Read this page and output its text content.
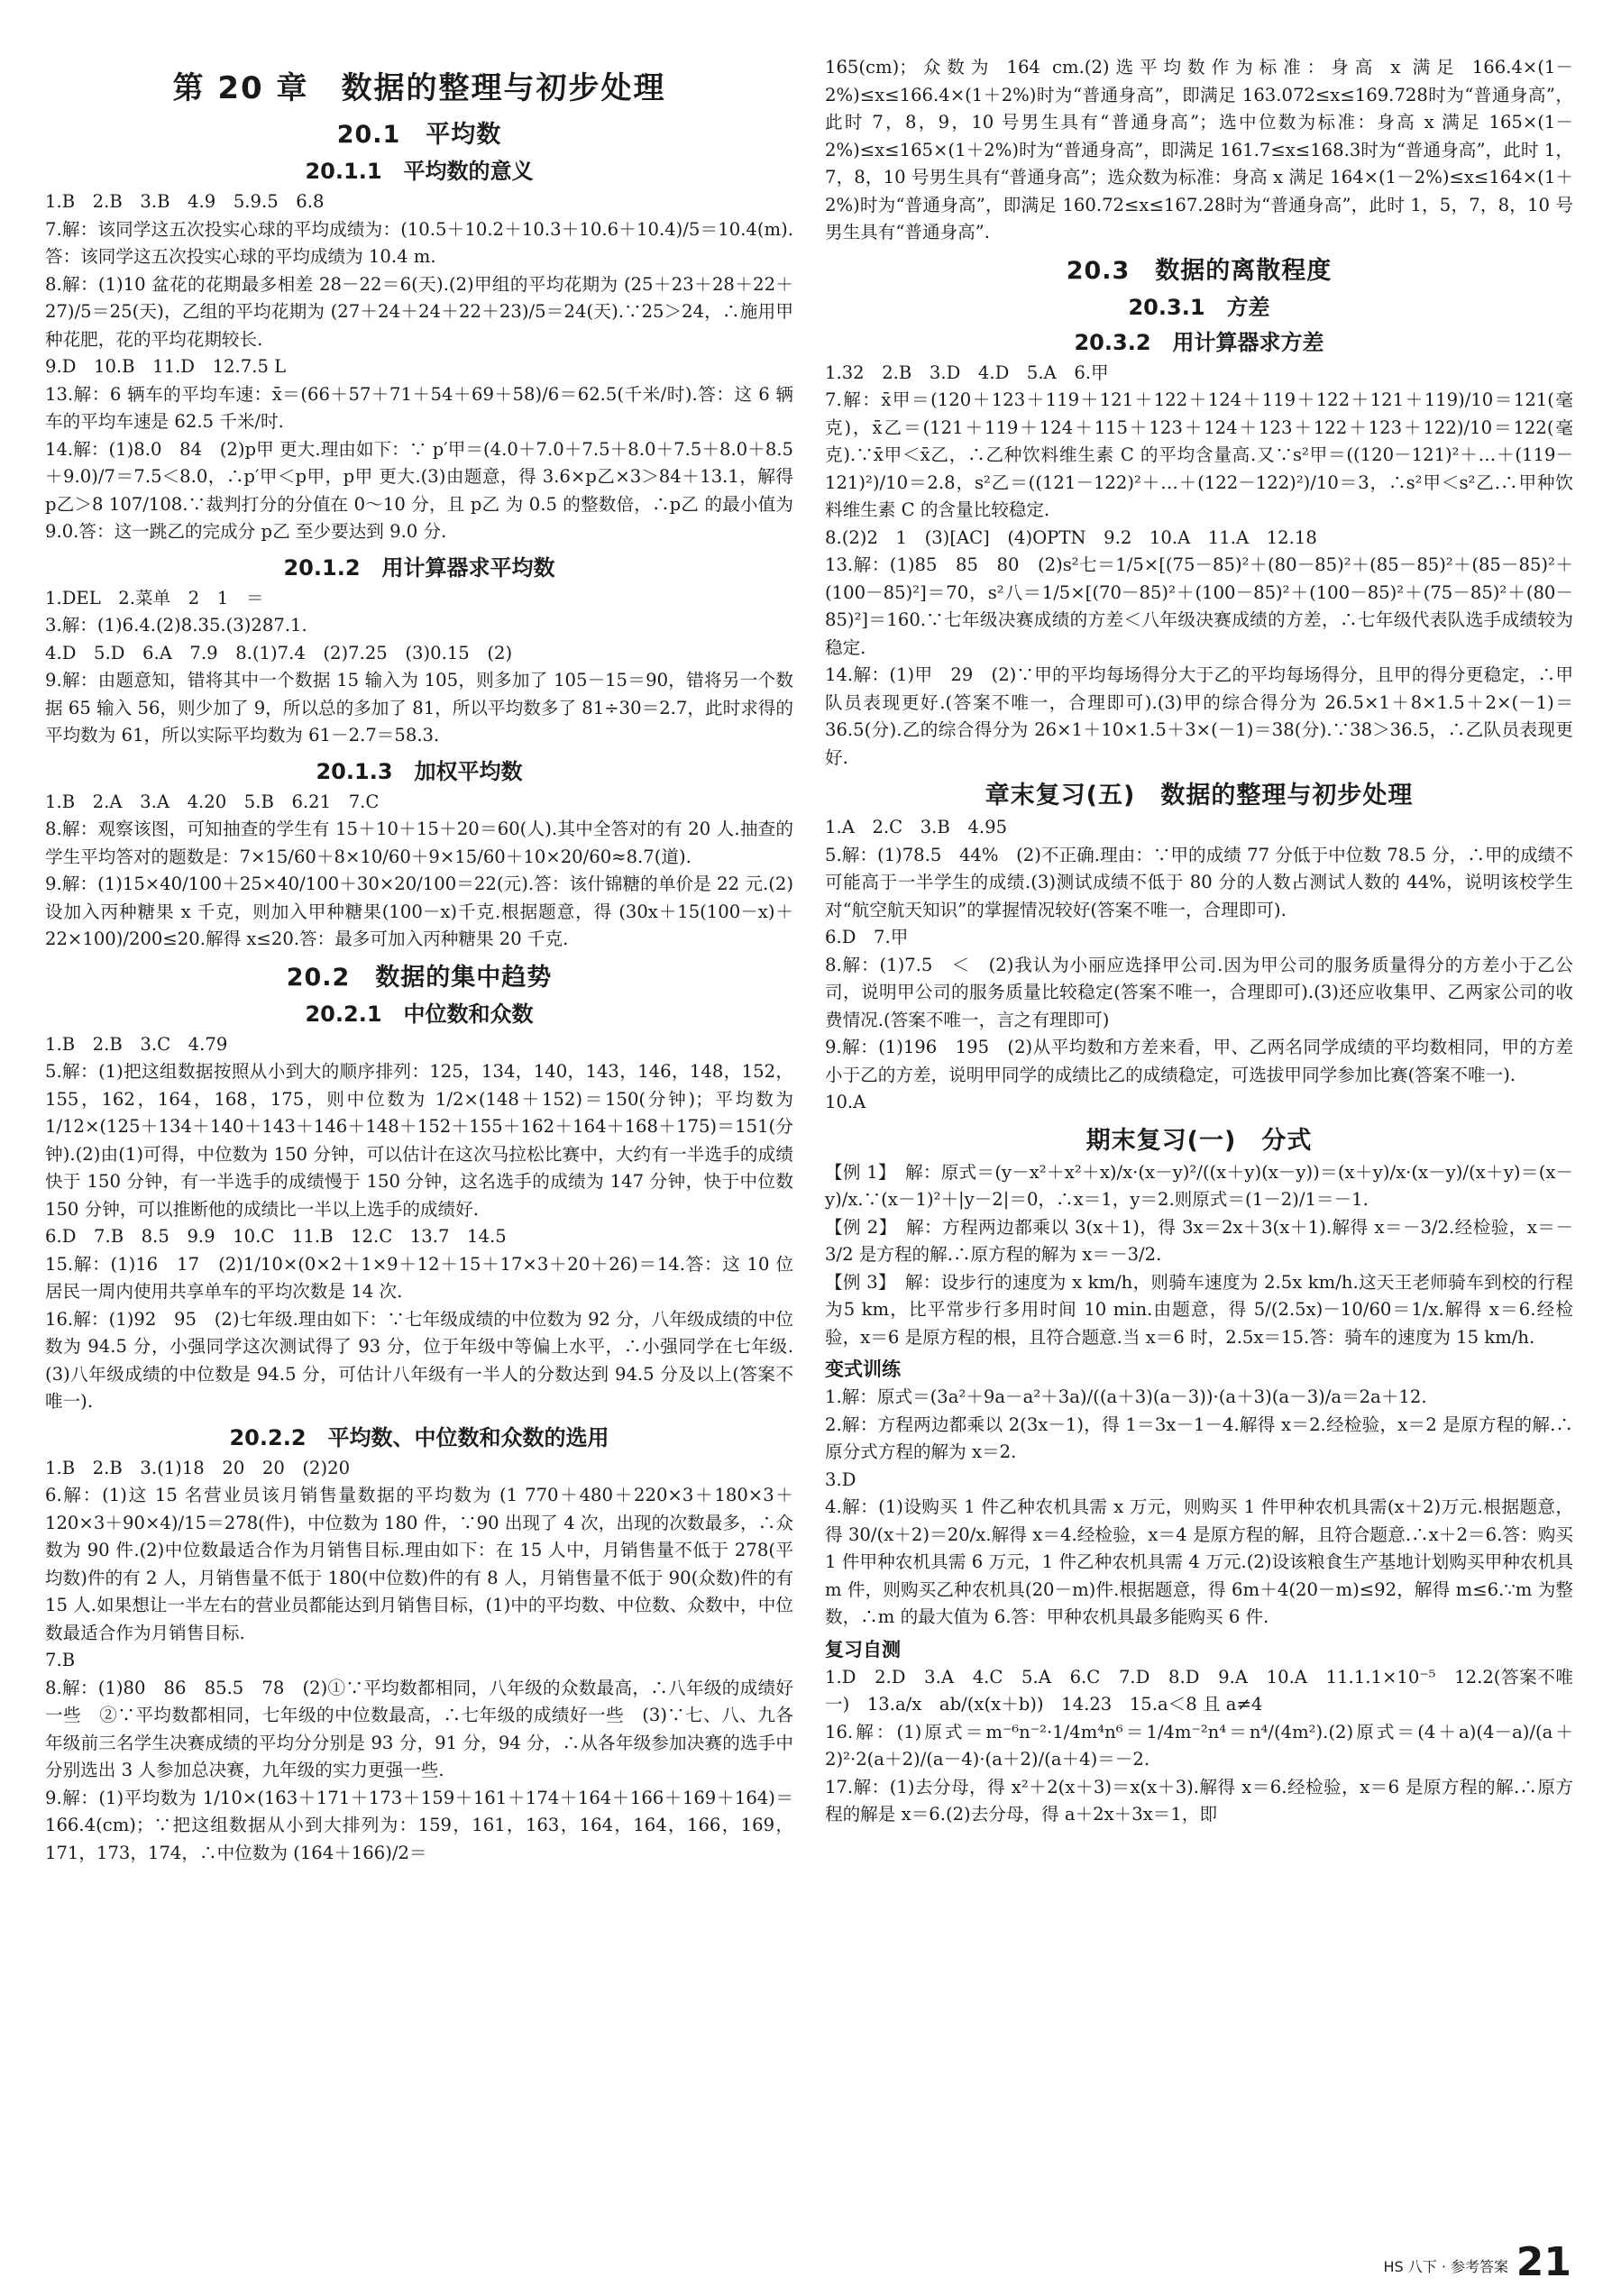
第 20 章　数据的整理与初步处理
20.1　平均数
20.1.1　平均数的意义

1.B　2.B　3.B　4.9　5.9.5　6.8

7.解：该同学这五次投实心球的平均成绩为：(10.5＋10.2＋10.3＋10.6＋10.4)/5＝10.4(m).答：该同学这五次投实心球的平均成绩为 10.4 m.

8.解：(1)10 盆花的花期最多相差 28－22＝6(天).(2)甲组的平均花期为 (25＋23＋28＋22＋27)/5＝25(天)，乙组的平均花期为 (27＋24＋24＋22＋23)/5＝24(天).∵25＞24，∴施用甲种花肥，花的平均花期较长.

9.D　10.B　11.D　12.7.5 L

13.解：6 辆车的平均车速：x̄＝(66＋57＋71＋54＋69＋58)/6＝62.5(千米/时).答：这 6 辆车的平均车速是 62.5 千米/时.

14.解：(1)8.0　84　(2)p甲 更大.理由如下：∵ p′甲＝(4.0＋7.0＋7.5＋8.0＋7.5＋8.0＋8.5＋9.0)/7＝7.5＜8.0，∴p′甲＜p甲，p甲 更大.(3)由题意，得 3.6×p乙×3＞84＋13.1，解得 p乙＞8 107/108.∵裁判打分的分值在 0～10 分，且 p乙 为 0.5 的整数倍，∴p乙 的最小值为 9.0.答：这一跳乙的完成分 p乙 至少要达到 9.0 分.

20.1.2　用计算器求平均数

1.DEL　2.菜单　2　1　＝

3.解：(1)6.4.(2)8.35.(3)287.1.

4.D　5.D　6.A　7.9　8.(1)7.4　(2)7.25　(3)0.15　(2)

9.解：由题意知，错将其中一个数据 15 输入为 105，则多加了 105－15＝90，错将另一个数据 65 输入 56，则少加了 9，所以总的多加了 81，所以平均数多了 81÷30＝2.7，此时求得的平均数为 61，所以实际平均数为 61－2.7＝58.3.

20.1.3　加权平均数

1.B　2.A　3.A　4.20　5.B　6.21　7.C

8.解：观察该图，可知抽查的学生有 15＋10＋15＋20＝60(人).其中全答对的有 20 人.抽查的学生平均答对的题数是：7×15/60＋8×10/60＋9×15/60＋10×20/60≈8.7(道).

9.解：(1)15×40/100＋25×40/100＋30×20/100＝22(元).答：该什锦糖的单价是 22 元.(2)设加入丙种糖果 x 千克，则加入甲种糖果(100－x)千克.根据题意，得 (30x＋15(100－x)＋22×100)/200≤20.解得 x≤20.答：最多可加入丙种糖果 20 千克.

20.2　数据的集中趋势
20.2.1　中位数和众数

1.B　2.B　3.C　4.79

5.解：(1)把这组数据按照从小到大的顺序排列：125，134，140，143，146，148，152，155，162，164，168，175，则中位数为 1/2×(148＋152)＝150(分钟)；平均数为 1/12×(125＋134＋140＋143＋146＋148＋152＋155＋162＋164＋168＋175)＝151(分钟).(2)由(1)可得，中位数为 150 分钟，可以估计在这次马拉松比赛中，大约有一半选手的成绩快于 150 分钟，有一半选手的成绩慢于 150 分钟，这名选手的成绩为 147 分钟，快于中位数 150 分钟，可以推断他的成绩比一半以上选手的成绩好.

6.D　7.B　8.5　9.9　10.C　11.B　12.C　13.7　14.5

15.解：(1)16　17　(2)1/10×(0×2＋1×9＋12＋15＋17×3＋20＋26)＝14.答：这 10 位居民一周内使用共享单车的平均次数是 14 次.

16.解：(1)92　95　(2)七年级.理由如下：∵七年级成绩的中位数为 92 分，八年级成绩的中位数为 94.5 分，小强同学这次测试得了 93 分，位于年级中等偏上水平，∴小强同学在七年级.(3)八年级成绩的中位数是 94.5 分，可估计八年级有一半人的分数达到 94.5 分及以上(答案不唯一).

20.2.2　平均数、中位数和众数的选用

1.B　2.B　3.(1)18　20　20　(2)20

6.解：(1)这 15 名营业员该月销售量数据的平均数为 (1 770＋480＋220×3＋180×3＋120×3＋90×4)/15＝278(件)，中位数为 180 件，∵90 出现了 4 次，出现的次数最多，∴众数为 90 件.(2)中位数最适合作为月销售目标.理由如下：在 15 人中，月销售量不低于 278(平均数)件的有 2 人，月销售量不低于 180(中位数)件的有 8 人，月销售量不低于 90(众数)件的有 15 人.如果想让一半左右的营业员都能达到月销售目标，(1)中的平均数、中位数、众数中，中位数最适合作为月销售目标.

7.B

8.解：(1)80　86　85.5　78　(2)①∵平均数都相同，八年级的众数最高，∴八年级的成绩好一些　②∵平均数都相同，七年级的中位数最高，∴七年级的成绩好一些　(3)∵七、八、九各年级前三名学生决赛成绩的平均分分别是 93 分，91 分，94 分，∴从各年级参加决赛的选手中分别选出 3 人参加总决赛，九年级的实力更强一些.

9.解：(1)平均数为 1/10×(163＋171＋173＋159＋161＋174＋164＋166＋169＋164)＝166.4(cm)；∵把这组数据从小到大排列为：159，161，163，164，164，166，169，171，173，174，∴中位数为 (164＋166)/2＝

165(cm)；众数为 164 cm.(2)选平均数作为标准：身高 x 满足 166.4×(1－2%)≤x≤166.4×(1＋2%)时为“普通身高”，即满足 163.072≤x≤169.728时为“普通身高”，此时 7，8，9，10 号男生具有“普通身高”；选中位数为标准：身高 x 满足 165×(1－2%)≤x≤165×(1＋2%)时为“普通身高”，即满足 161.7≤x≤168.3时为“普通身高”，此时 1，7，8，10 号男生具有“普通身高”；选众数为标准：身高 x 满足 164×(1－2%)≤x≤164×(1＋2%)时为“普通身高”，即满足 160.72≤x≤167.28时为“普通身高”，此时 1，5，7，8，10 号男生具有“普通身高”.

20.3　数据的离散程度
20.3.1　方差
20.3.2　用计算器求方差

1.32　2.B　3.D　4.D　5.A　6.甲

7.解：x̄甲＝(120＋123＋119＋121＋122＋124＋119＋122＋121＋119)/10＝121(毫克)，x̄乙＝(121＋119＋124＋115＋123＋124＋123＋122＋123＋122)/10＝122(毫克).∵x̄甲＜x̄乙，∴乙种饮料维生素 C 的平均含量高.又∵s²甲＝((120－121)²＋…＋(119－121)²)/10＝2.8，s²乙＝((121－122)²＋…＋(122－122)²)/10＝3，∴s²甲＜s²乙.∴甲种饮料维生素 C 的含量比较稳定.

8.(2)2　1　(3)[AC]　(4)OPTN　9.2　10.A　11.A　12.18

13.解：(1)85　85　80　(2)s²七＝1/5×[(75－85)²＋(80－85)²＋(85－85)²＋(85－85)²＋(100－85)²]＝70，s²八＝1/5×[(70－85)²＋(100－85)²＋(100－85)²＋(75－85)²＋(80－85)²]＝160.∵七年级决赛成绩的方差＜八年级决赛成绩的方差，∴七年级代表队选手成绩较为稳定.

14.解：(1)甲　29　(2)∵甲的平均每场得分大于乙的平均每场得分，且甲的得分更稳定，∴甲队员表现更好.(答案不唯一，合理即可).(3)甲的综合得分为 26.5×1＋8×1.5＋2×(－1)＝36.5(分).乙的综合得分为 26×1＋10×1.5＋3×(－1)＝38(分).∵38＞36.5，∴乙队员表现更好.

章末复习(五)　数据的整理与初步处理

1.A　2.C　3.B　4.95

5.解：(1)78.5　44%　(2)不正确.理由：∵甲的成绩 77 分低于中位数 78.5 分，∴甲的成绩不可能高于一半学生的成绩.(3)测试成绩不低于 80 分的人数占测试人数的 44%，说明该校学生对“航空航天知识”的掌握情况较好(答案不唯一，合理即可).

6.D　7.甲

8.解：(1)7.5　＜　(2)我认为小丽应选择甲公司.因为甲公司的服务质量得分的方差小于乙公司，说明甲公司的服务质量比较稳定(答案不唯一，合理即可).(3)还应收集甲、乙两家公司的收费情况.(答案不唯一，言之有理即可)

9.解：(1)196　195　(2)从平均数和方差来看，甲、乙两名同学成绩的平均数相同，甲的方差小于乙的方差，说明甲同学的成绩比乙的成绩稳定，可选拔甲同学参加比赛(答案不唯一).

10.A

期末复习(一)　分式

【例 1】　解：原式＝(y－x²＋x²＋x)/x·(x－y)²/((x＋y)(x－y))＝(x＋y)/x·(x－y)/(x＋y)＝(x－y)/x.∵(x－1)²＋|y－2|＝0，∴x＝1，y＝2.则原式＝(1－2)/1＝－1.

【例 2】　解：方程两边都乘以 3(x＋1)，得 3x＝2x＋3(x＋1).解得 x＝－3/2.经检验，x＝－3/2 是方程的解.∴原方程的解为 x＝－3/2.

【例 3】　解：设步行的速度为 x km/h，则骑车速度为 2.5x km/h.这天王老师骑车到校的行程为5 km，比平常步行多用时间 10 min.由题意，得 5/(2.5x)－10/60＝1/x.解得 x＝6.经检验，x＝6 是原方程的根，且符合题意.当 x＝6 时，2.5x＝15.答：骑车的速度为 15 km/h.

变式训练

1.解：原式＝(3a²＋9a－a²＋3a)/((a＋3)(a－3))·(a＋3)(a－3)/a＝2a＋12.

2.解：方程两边都乘以 2(3x－1)，得 1＝3x－1－4.解得 x＝2.经检验，x＝2 是原方程的解.∴原分式方程的解为 x＝2.

3.D

4.解：(1)设购买 1 件乙种农机具需 x 万元，则购买 1 件甲种农机具需(x＋2)万元.根据题意，得 30/(x＋2)＝20/x.解得 x＝4.经检验，x＝4 是原方程的解，且符合题意.∴x＋2＝6.答：购买 1 件甲种农机具需 6 万元，1 件乙种农机具需 4 万元.(2)设该粮食生产基地计划购买甲种农机具 m 件，则购买乙种农机具(20－m)件.根据题意，得 6m＋4(20－m)≤92，解得 m≤6.∵m 为整数，∴m 的最大值为 6.答：甲种农机具最多能购买 6 件.

复习自测

1.D　2.D　3.A　4.C　5.A　6.C　7.D　8.D　9.A　10.A　11.1.1×10⁻⁵　12.2(答案不唯一)　13.a/x　ab/(x(x＋b))　14.23　15.a＜8 且 a≠4

16.解：(1)原式＝m⁻⁶n⁻²·1/4m⁴n⁶＝1/4m⁻²n⁴＝n⁴/(4m²).(2)原式＝(4＋a)(4－a)/(a＋2)²·2(a＋2)/(a－4)·(a＋2)/(a＋4)＝－2.

17.解：(1)去分母，得 x²＋2(x＋3)＝x(x＋3).解得 x＝6.经检验，x＝6 是原方程的解.∴原方程的解是 x＝6.(2)去分母，得 a＋2x＋3x＝1，即

HS 八下 · 参考答案 21
